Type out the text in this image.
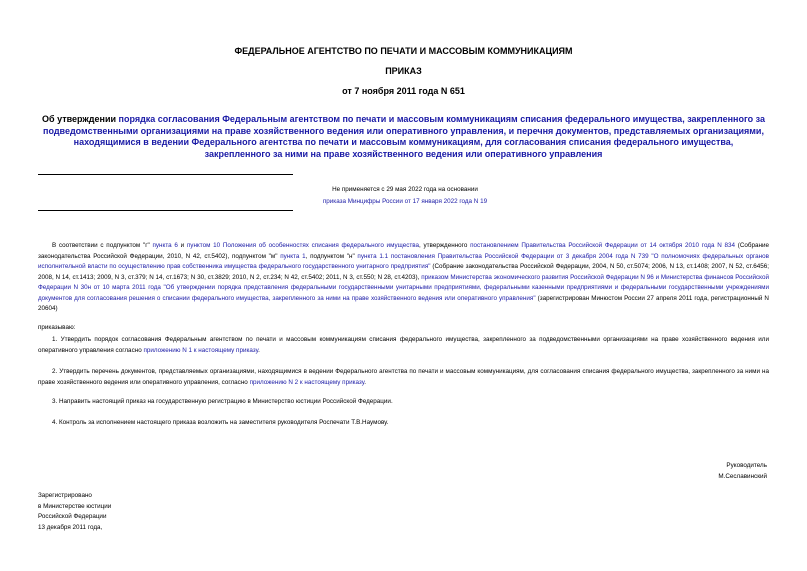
ФЕДЕРАЛЬНОЕ АГЕНТСТВО ПО ПЕЧАТИ И МАССОВЫМ КОММУНИКАЦИЯМ
ПРИКАЗ
от 7 ноября 2011 года N 651
Об утверждении порядка согласования Федеральным агентством по печати и массовым коммуникациям списания федерального имущества, закрепленного за подведомственными организациями на праве хозяйственного ведения или оперативного управления, и перечня документов, представляемых организациями, находящимися в ведении Федерального агентства по печати и массовым коммуникациям, для согласования списания федерального имущества, закрепленного за ними на праве хозяйственного ведения или оперативного управления
Не применяется с 29 мая 2022 года на основании
приказа Минцифры России от 17 января 2022 года N 19

В соответствии с подпунктом "г" пункта 6 и пунктом 10 Положения об особенностях списания федерального имущества, утвержденного постановлением Правительства Российской Федерации от 14 октября 2010 года N 834 (Собрание законодательства Российской Федерации, 2010, N 42, ст.5402), подпунктом "м" пункта 1, подпунктом "н" пункта 1.1 постановления Правительства Российской Федерации от 3 декабря 2004 года N 739 "О полномочиях федеральных органов исполнительной власти по осуществлению прав собственника имущества федерального государственного унитарного предприятия" (Собрание законодательства Российской Федерации, 2004, N 50, ст.5074; 2006, N 13, ст.1408; 2007, N 52, ст.6456; 2008, N 14, ст.1413; 2009, N 3, ст.379; N 14, ст.1673; N 30, ст.3829; 2010, N 2, ст.234; N 42, ст.5402; 2011, N 3, ст.550; N 28, ст.4203), приказом Министерства экономического развития Российской Федерации N 96 и Министерства финансов Российской Федерации N 30н от 10 марта 2011 года "Об утверждении порядка представления федеральными государственными унитарными предприятиями, федеральными казенными предприятиями и федеральными государственными учреждениями документов для согласования решения о списании федерального имущества, закрепленного за ними на праве хозяйственного ведения или оперативного управления" (зарегистрирован Минюстом России 27 апреля 2011 года, регистрационный N 20604)

приказываю:

1. Утвердить порядок согласования Федеральным агентством по печати и массовым коммуникациям списания федерального имущества, закрепленного за подведомственными организациями на праве хозяйственного ведения или оперативного управления согласно приложению N 1 к настоящему приказу.

2. Утвердить перечень документов, представляемых организациями, находящимися в ведении Федерального агентства по печати и массовым коммуникациям, для согласования списания федерального имущества, закрепленного за ними на праве хозяйственного ведения или оперативного управления, согласно приложению N 2 к настоящему приказу.

3. Направить настоящий приказ на государственную регистрацию в Министерство юстиции Российской Федерации.

4. Контроль за исполнением настоящего приказа возложить на заместителя руководителя Роспечати Т.В.Наумову.

Руководитель
М.Сеславинский
Зарегистрировано
в Министерстве юстиции
Российской Федерации
13 декабря 2011 года,
